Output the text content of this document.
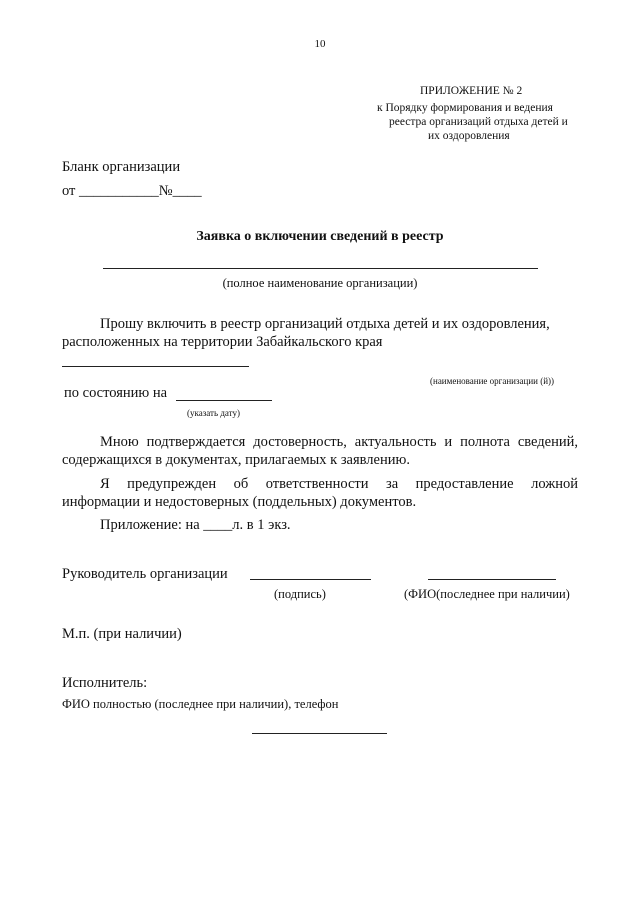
10
ПРИЛОЖЕНИЕ № 2
к Порядку формирования и ведения
реестра организаций отдыха детей и
их оздоровления
Бланк организации
от ___________№____
Заявка о включении сведений в реестр
(полное наименование организации)
Прошу включить в реестр организаций отдыха детей и их оздоровления,
расположенных на территории Забайкальского края
(наименование организации (й))
по состоянию на
(указать дату)
Мною подтверждается достоверность, актуальность и полнота сведений,
содержащихся в документах, прилагаемых к заявлению.
Я предупрежден об ответственности за предоставление ложной
информации и недостоверных (поддельных) документов.
Приложение: на ____л. в 1 экз.
Руководитель организации
(подпись)	(ФИО(последнее при наличии)
М.п. (при наличии)
Исполнитель:
ФИО полностью (последнее при наличии), телефон
